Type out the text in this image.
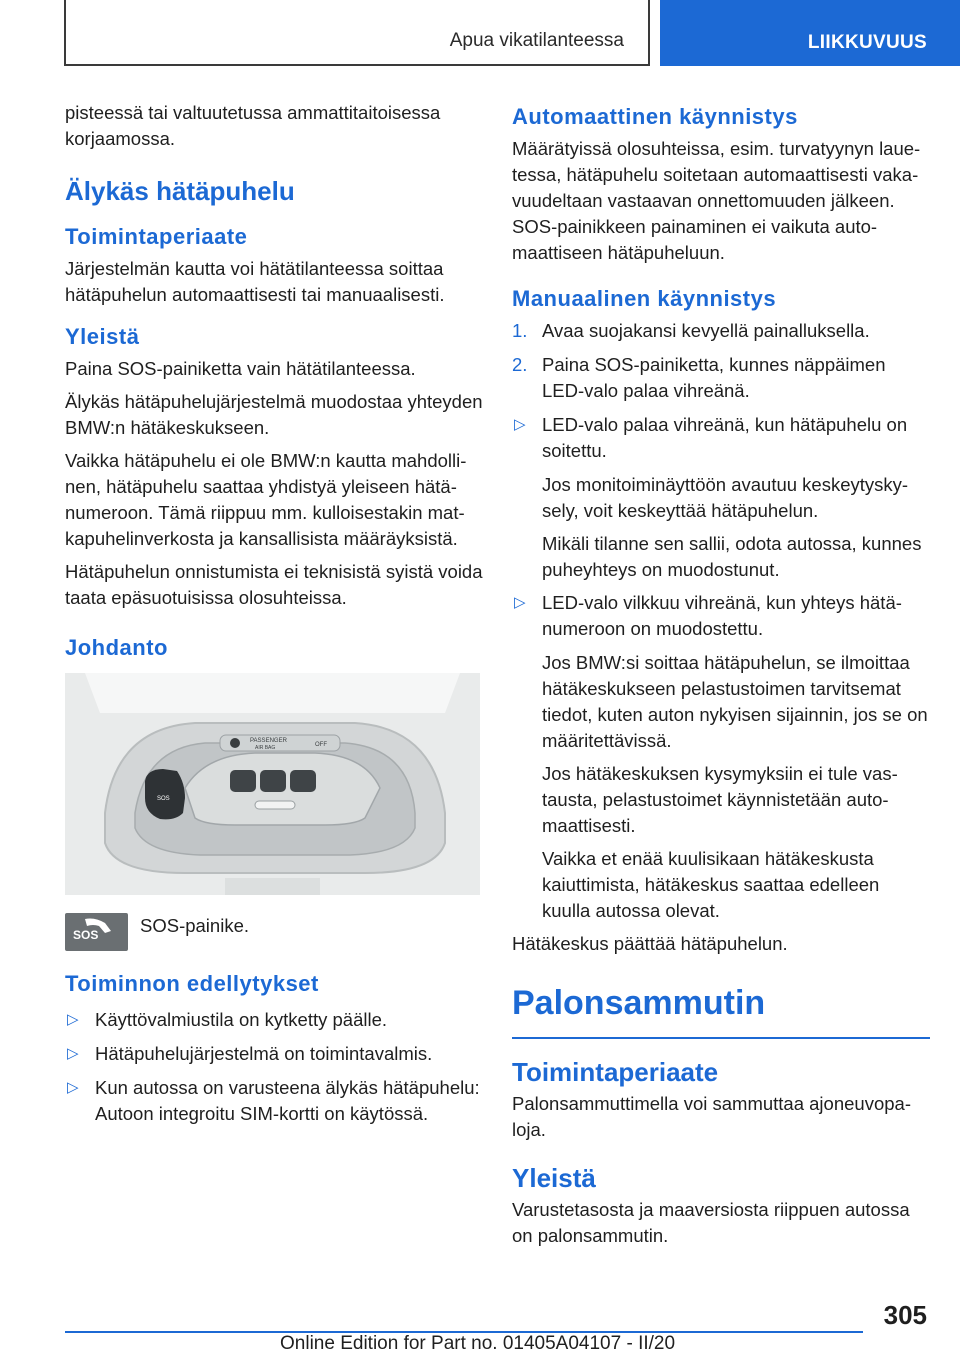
Apua vikatilanteessa	LIIKKUVUUS

pisteessä tai valtuutetussa ammattitaitoisessa korjaamossa.

Älykäs hätäpuhelu
Toimintaperiaate

Järjestelmän kautta voi hätätilanteessa soittaa hätäpuhelun automaattisesti tai manuaalisesti.

Yleistä

Paina SOS-painiketta vain hätätilanteessa.

Älykäs hätäpuhelujärjestelmä muodostaa yhteyden BMW:n hätäkeskukseen.

Vaikka hätäpuhelu ei ole BMW:n kautta mahdollinen, hätäpuhelu saattaa yhdistyä yleiseen hätänumeroon. Tämä riippuu mm. kulloisestakin matkapuhelinverkosta ja kansallisista määräyksistä.

Hätäpuhelun onnistumista ei teknisistä syistä voida taata epäsuotuisissa olosuhteissa.

Johdanto
PASSENGER
AIR BAG	OFF
SOS
SOS SOS-painike.
Toiminnon edellytykset
▷ Käyttövalmiustila on kytketty päälle.
▷ Hätäpuhelujärjestelmä on toimintavalmis.
▷ Kun autossa on varusteena älykäs hätäpuhelu: Autoon integroitu SIM-kortti on käytössä.
Automaattinen käynnistys

Määrätyissä olosuhteissa, esim. turvatyynyn lauetessa, hätäpuhelu soitetaan automaattisesti vakavuudeltaan vastaavan onnettomuuden jälkeen. SOS-painikkeen painaminen ei vaikuta automaattiseen hätäpuheluun.

Manuaalinen käynnistys
1. Avaa suojakansi kevyellä painalluksella.
2. Paina SOS-painiketta, kunnes näppäimen LED-valo palaa vihreänä.
▷ LED-valo palaa vihreänä, kun hätäpuhelu on soitettu.

Jos monitoiminäyttöön avautuu keskeytyskysely, voit keskeyttää hätäpuhelun.

Mikäli tilanne sen sallii, odota autossa, kunnes puheyhteys on muodostunut.

▷ LED-valo vilkkuu vihreänä, kun yhteys hätänumeroon on muodostettu.

Jos BMW:si soittaa hätäpuhelun, se ilmoittaa hätäkeskukseen pelastustoimen tarvitsemat tiedot, kuten auton nykyisen sijainnin, jos se on määritettävissä.

Jos hätäkeskuksen kysymyksiin ei tule vastausta, pelastustoimet käynnistetään automaattisesti.

Vaikka et enää kuulisikaan hätäkeskusta kaiuttimista, hätäkeskus saattaa edelleen kuulla autossa olevat.

Hätäkeskus päättää hätäpuhelun.

Palonsammutin
Toimintaperiaate

Palonsammuttimella voi sammuttaa ajoneuvopaloja.

Yleistä

Varustetasosta ja maaversiosta riippuen autossa on palonsammutin.

305
Online Edition for Part no. 01405A04107 - II/20
